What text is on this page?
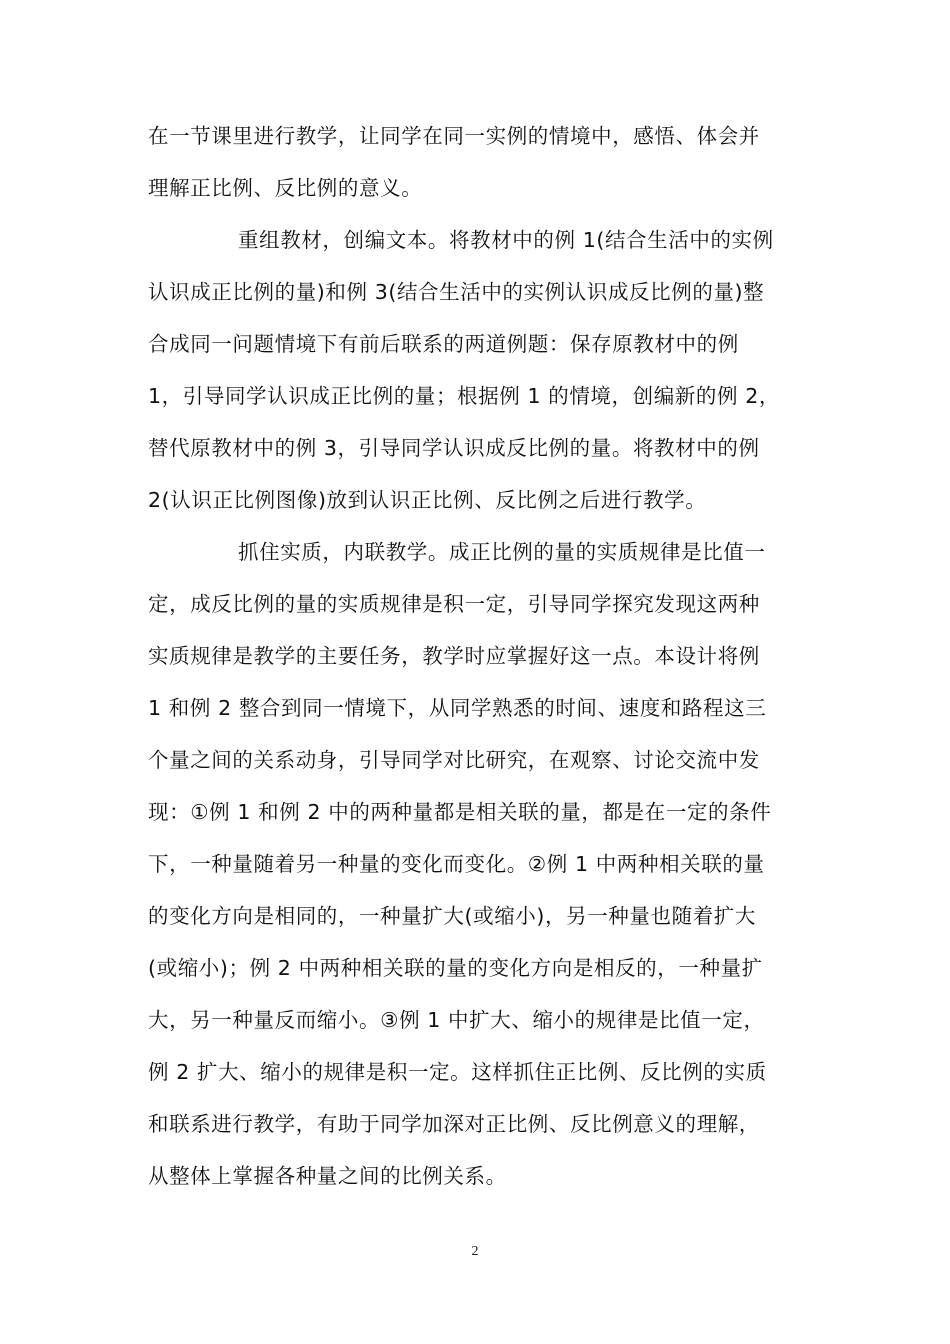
在一节课里进行教学，让同学在同一实例的情境中，感悟、体会并
理解正比例、反比例的意义。
重组教材，创编文本。将教材中的例 1(结合生活中的实例
认识成正比例的量)和例 3(结合生活中的实例认识成反比例的量)整
合成同一问题情境下有前后联系的两道例题：保存原教材中的例
1，引导同学认识成正比例的量；根据例 1 的情境，创编新的例 2，
替代原教材中的例 3，引导同学认识成反比例的量。将教材中的例
2(认识正比例图像)放到认识正比例、反比例之后进行教学。
抓住实质，内联教学。成正比例的量的实质规律是比值一
定，成反比例的量的实质规律是积一定，引导同学探究发现这两种
实质规律是教学的主要任务，教学时应掌握好这一点。本设计将例
1 和例 2 整合到同一情境下，从同学熟悉的时间、速度和路程这三
个量之间的关系动身，引导同学对比研究，在观察、讨论交流中发
现：①例 1 和例 2 中的两种量都是相关联的量，都是在一定的条件
下，一种量随着另一种量的变化而变化。②例 1 中两种相关联的量
的变化方向是相同的，一种量扩大(或缩小)，另一种量也随着扩大
(或缩小)；例 2 中两种相关联的量的变化方向是相反的，一种量扩
大，另一种量反而缩小。③例 1 中扩大、缩小的规律是比值一定，
例 2 扩大、缩小的规律是积一定。这样抓住正比例、反比例的实质
和联系进行教学，有助于同学加深对正比例、反比例意义的理解，
从整体上掌握各种量之间的比例关系。
2
